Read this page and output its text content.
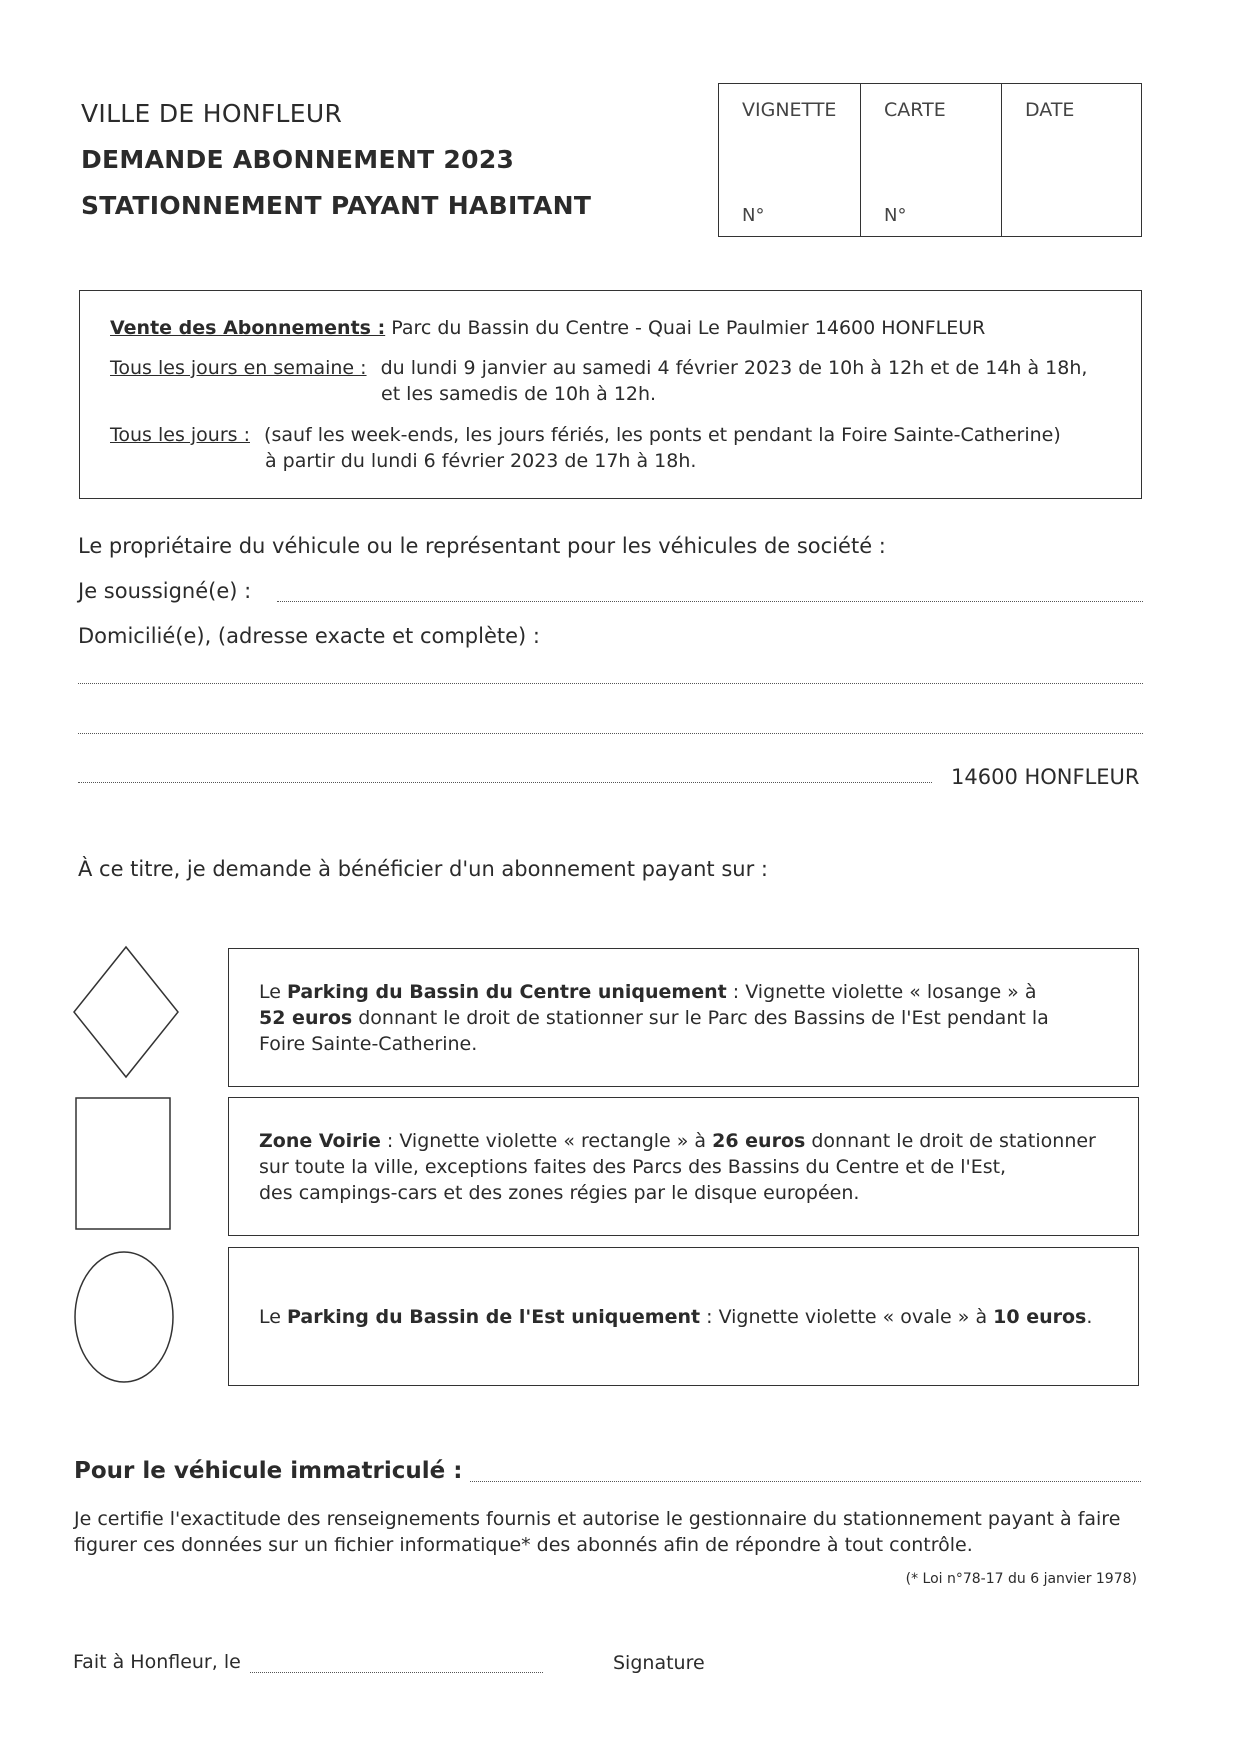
VILLE DE HONFLEUR
DEMANDE ABONNEMENT 2023
STATIONNEMENT PAYANT HABITANT
VIGNETTE
N°
CARTE
N°
DATE
Vente des Abonnements : Parc du Bassin du Centre - Quai Le Paulmier 14600 HONFLEUR
Tous les jours en semaine : du lundi 9 janvier au samedi 4 février 2023 de 10h à 12h et de 14h à 18h,
et les samedis de 10h à 12h.
Tous les jours : (sauf les week-ends, les jours fériés, les ponts et pendant la Foire Sainte-Catherine)
à partir du lundi 6 février 2023 de 17h à 18h.
Le propriétaire du véhicule ou le représentant pour les véhicules de société :
Je soussigné(e) :
Domicilié(e), (adresse exacte et complète) :
14600 HONFLEUR
À ce titre, je demande à bénéficier d'un abonnement payant sur :
Le Parking du Bassin du Centre uniquement : Vignette violette « losange » à
52 euros donnant le droit de stationner sur le Parc des Bassins de l'Est pendant la
Foire Sainte-Catherine.
Zone Voirie : Vignette violette « rectangle » à 26 euros donnant le droit de stationner
sur toute la ville, exceptions faites des Parcs des Bassins du Centre et de l'Est,
des campings-cars et des zones régies par le disque européen.
Le Parking du Bassin de l'Est uniquement : Vignette violette « ovale » à 10 euros.
Pour le véhicule immatriculé :
Je certifie l'exactitude des renseignements fournis et autorise le gestionnaire du stationnement payant à faire
figurer ces données sur un fichier informatique* des abonnés afin de répondre à tout contrôle.
(* Loi n°78-17 du 6 janvier 1978)
Fait à Honfleur, le	Signature
